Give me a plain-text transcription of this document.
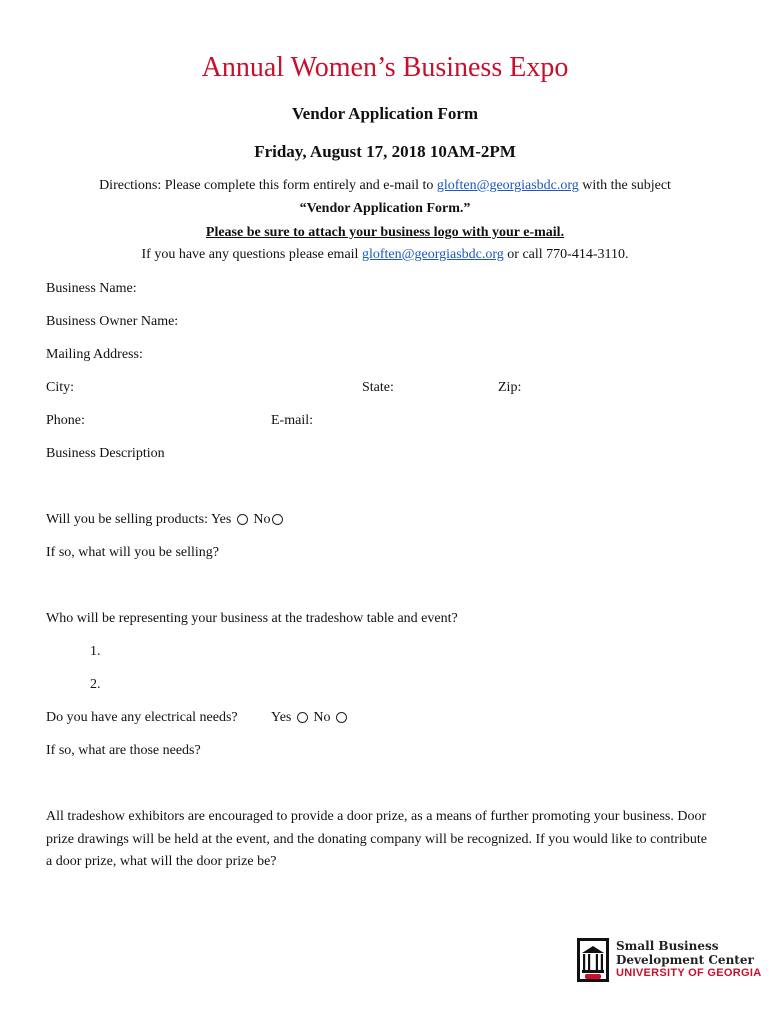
Annual Women’s Business Expo
Vendor Application Form
Friday, August 17, 2018 10AM-2PM
Directions: Please complete this form entirely and e-mail to gloften@georgiasbdc.org with the subject
“Vendor Application Form.”
Please be sure to attach your business logo with your e-mail.
If you have any questions please email gloften@georgiasbdc.org or call 770-414-3110.
Business Name:
Business Owner Name:
Mailing Address:
City:	State:	Zip:
Phone:	E-mail:
Business Description
Will you be selling products: Yes No
If so, what will you be selling?
Who will be representing your business at the tradeshow table and event?
1.
2.
Do you have any electrical needs? Yes No
If so, what are those needs?
All tradeshow exhibitors are encouraged to provide a door prize, as a means of further promoting your business. Door prize drawings will be held at the event, and the donating company will be recognized. If you would like to contribute a door prize, what will the door prize be?
Small Business
Development Center
UNIVERSITY OF GEORGIA
